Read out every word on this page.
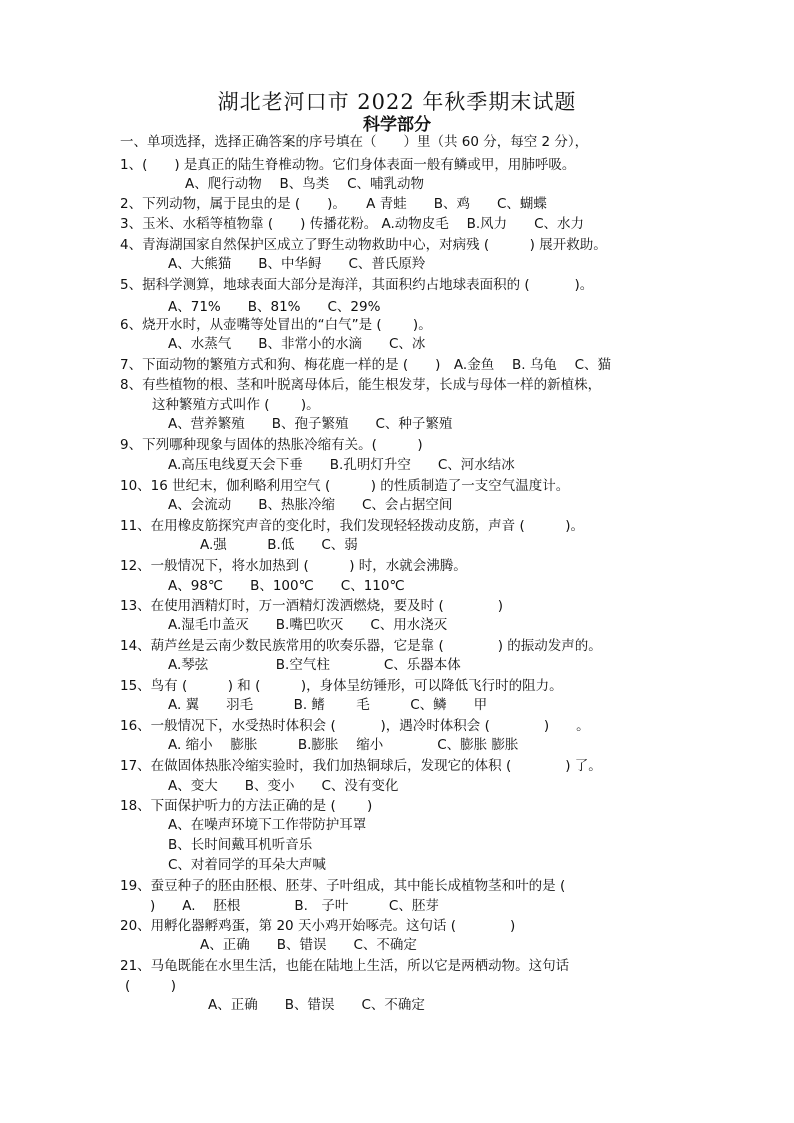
湖北老河口市 2022 年秋季期末试题
科学部分
一、单项选择，选择正确答案的序号填在（　　）里（共 60 分，每空 2 分），
1、(　　) 是真正的陆生脊椎动物。它们身体表面一般有鳞或甲，用肺呼吸。
A、爬行动物　 B、鸟类　 C、哺乳动物
2、下列动物，属于昆虫的是 (　　)。　　A 青蛙　　B、鸡　　C、蝴蝶
3、玉米、水稻等植物靠 (　　) 传播花粉。 A.动物皮毛　 B.风力　　C、水力
4、青海湖国家自然保护区成立了野生动物救助中心，对病残 (　　　) 展开救助。
A、大熊猫　　B、中华鲟　　C、普氏原羚
5、据科学测算，地球表面大部分是海洋，其面积约占地球表面积的 (　　　 )。
A、71%　　B、81%　　C、29%
6、烧开水时，从壶嘴等处冒出的“白气”是 (　　 )。
A、水蒸气　　B、非常小的水滴　　C、冰
7、下面动物的繁殖方式和狗、梅花鹿一样的是 (　　)　A.金鱼　 B. 乌龟　 C、猫
8、有些植物的根、茎和叶脱离母体后，能生根发芽，长成与母体一样的新植株，
这种繁殖方式叫作 (　　 )。
A、营养繁殖　　B、孢子繁殖　　C、种子繁殖
9、下列哪种现象与固体的热胀冷缩有关。(　　　)
A.高压电线夏天会下垂　　B.孔明灯升空　　C、河水结冰
10、16 世纪末，伽利略利用空气 (　　　) 的性质制造了一支空气温度计。
A、会流动　　B、热胀冷缩　　C、会占据空间
11、在用橡皮筋探究声音的变化时，我们发现轻轻拨动皮筋，声音 (　　　)。
A.强　　　B.低　　C、弱
12、一般情况下，将水加热到 (　　　) 时，水就会沸腾。
A、98℃　　B、100℃　　C、110℃
13、在使用酒精灯时，万一酒精灯泼洒燃烧，要及时 (　　　　)
A.湿毛巾盖灭　　B.嘴巴吹灭　　C、用水浇灭
14、葫芦丝是云南少数民族常用的吹奏乐器，它是靠 (　　　　) 的振动发声的。
A.琴弦　　　　　B.空气柱　　　　C、乐器本体
15、鸟有 (　　　) 和 (　　　)，身体呈纺锤形，可以降低飞行时的阻力。
A. 翼　　羽毛　　　B. 鳍　　 毛　　　C、鳞　　甲
16、一般情况下，水受热时体积会 (　　　 )，遇冷时体积会 (　　　　)　　。
A. 缩小　 膨胀　　　B.膨胀　 缩小　　　　C、膨胀 膨胀
17、在做固体热胀冷缩实验时，我们加热铜球后，发现它的体积 (　　　　) 了。
A、变大　　B、变小　　C、没有变化
18、下面保护听力的方法正确的是 (　　 )
A、在噪声环境下工作带防护耳罩
B、长时间戴耳机听音乐
C、对着同学的耳朵大声喊
19、蚕豆种子的胚由胚根、胚芽、子叶组成，其中能长成植物茎和叶的是 (
)　　A.　 胚根　　　　B.　子叶　　　C、胚芽
20、用孵化器孵鸡蛋，第 20 天小鸡开始啄壳。这句话 (　　　　)
A、正确　　B、错误　　C、不确定
21、马龟既能在水里生活，也能在陆地上生活，所以它是两栖动物。这句话
(　　　)
A、正确　　B、错误　　C、不确定
